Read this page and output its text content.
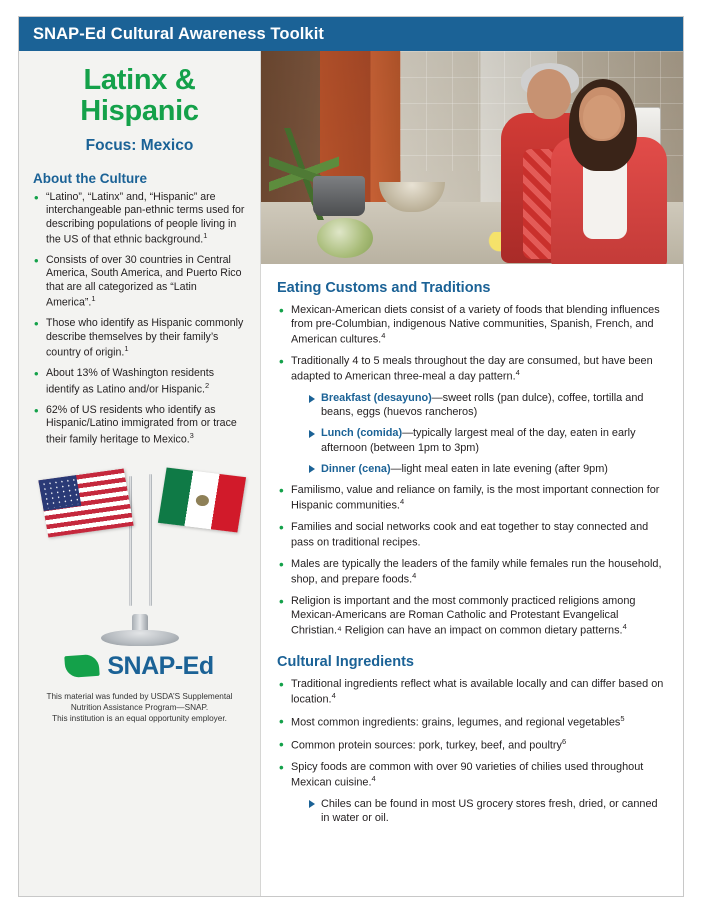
SNAP-Ed Cultural Awareness Toolkit
Latinx &
Hispanic
Focus: Mexico
About the Culture
• “Latino”, “Latinx” and, “Hispanic” are interchangeable pan-ethnic terms used for describing populations of people living in the US of that ethnic background.$^1$
• Consists of over 30 countries in Central America, South America, and Puerto Rico that are all categorized as “Latin America”.$^1$
• Those who identify as Hispanic commonly describe themselves by their family’s country of origin.$^1$
• About 13% of Washington residents identify as Latino and/or Hispanic.$^2$
• 62% of US residents who identify as Hispanic/Latino immigrated from or trace their family heritage to Mexico.$^3$
SNAP-Ed
This material was funded by USDA’S Supplemental
Nutrition Assistance Program—SNAP.
This institution is an equal opportunity employer.
Eating Customs and Traditions
• Mexican-American diets consist of a variety of foods that blending influences from pre-Columbian, indigenous Native communities, Spanish, French, and American cultures.$^4$
• Traditionally 4 to 5 meals throughout the day are consumed, but have been adapted to American three-meal a day pattern.$^4$
Breakfast (desayuno)—sweet rolls (pan dulce), coffee, tortilla and beans, eggs (huevos rancheros)
Lunch (comida)—typically largest meal of the day, eaten in early afternoon (between 1pm to 3pm)
Dinner (cena)—light meal eaten in late evening (after 9pm)
• Familismo, value and reliance on family, is the most important connection for Hispanic communities.$^4$
• Families and social networks cook and eat together to stay connected and pass on traditional recipes.
• Males are typically the leaders of the family while females run the household, shop, and prepare foods.$^4$
• Religion is important and the most commonly practiced religions among Mexican-Americans are Roman Catholic and Protestant Evangelical Christian.⁴ Religion can have an impact on common dietary patterns.$^4$
Cultural Ingredients
• Traditional ingredients reflect what is available locally and can differ based on location.$^4$
• Most common ingredients: grains, legumes, and regional vegetables$^5$
• Common protein sources: pork, turkey, beef, and poultry$^6$
• Spicy foods are common with over 90 varieties of chilies used throughout Mexican cuisine.$^4$
Chiles can be found in most US grocery stores fresh, dried, or canned in water or oil.
